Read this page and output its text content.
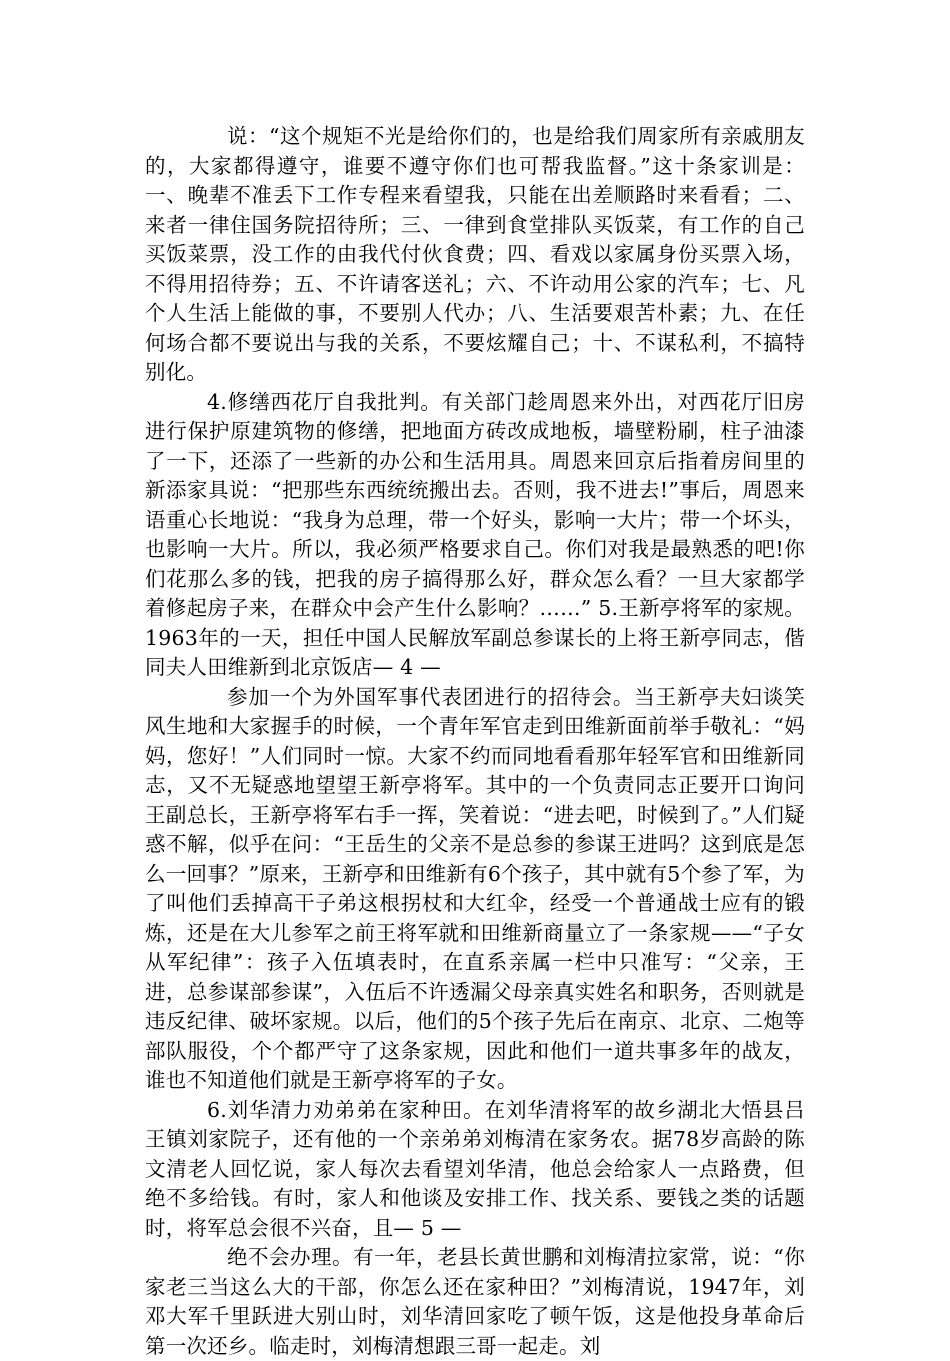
说：“这个规矩不光是给你们的，也是给我们周家所有亲戚朋友的，大家都得遵守，谁要不遵守你们也可帮我监督。”这十条家训是：一、晚辈不准丢下工作专程来看望我，只能在出差顺路时来看看；二、来者一律住国务院招待所；三、一律到食堂排队买饭菜，有工作的自己买饭菜票，没工作的由我代付伙食费；四、看戏以家属身份买票入场，不得用招待券；五、不许请客送礼；六、不许动用公家的汽车；七、凡个人生活上能做的事，不要别人代办；八、生活要艰苦朴素；九、在任何场合都不要说出与我的关系，不要炫耀自己；十、不谋私利，不搞特别化。

4.修缮西花厅自我批判。有关部门趁周恩来外出，对西花厅旧房进行保护原建筑物的修缮，把地面方砖改成地板，墙壁粉刷，柱子油漆了一下，还添了一些新的办公和生活用具。周恩来回京后指着房间里的新添家具说：“把那些东西统统搬出去。否则，我不进去!”事后，周恩来语重心长地说：“我身为总理，带一个好头，影响一大片；带一个坏头，也影响一大片。所以，我必须严格要求自己。你们对我是最熟悉的吧!你们花那么多的钱，把我的房子搞得那么好，群众怎么看？一旦大家都学着修起房子来，在群众中会产生什么影响？……” 5.王新亭将军的家规。1963年的一天，担任中国人民解放军副总参谋长的上将王新亭同志，偕同夫人田维新到北京饭店— 4 —

参加一个为外国军事代表团进行的招待会。当王新亭夫妇谈笑风生地和大家握手的时候，一个青年军官走到田维新面前举手敬礼：“妈妈，您好！”人们同时一惊。大家不约而同地看看那年轻军官和田维新同志，又不无疑惑地望望王新亭将军。其中的一个负责同志正要开口询问王副总长，王新亭将军右手一挥，笑着说：“进去吧，时候到了。”人们疑惑不解，似乎在问：“王岳生的父亲不是总参的参谋王进吗？这到底是怎么一回事？”原来，王新亭和田维新有6个孩子，其中就有5个参了军，为了叫他们丢掉高干子弟这根拐杖和大红伞，经受一个普通战士应有的锻炼，还是在大儿参军之前王将军就和田维新商量立了一条家规——“子女从军纪律”：孩子入伍填表时，在直系亲属一栏中只准写：“父亲，王进，总参谋部参谋”，入伍后不许透漏父母亲真实姓名和职务，否则就是违反纪律、破坏家规。以后，他们的5个孩子先后在南京、北京、二炮等部队服役，个个都严守了这条家规，因此和他们一道共事多年的战友，谁也不知道他们就是王新亭将军的子女。

6.刘华清力劝弟弟在家种田。在刘华清将军的故乡湖北大悟县吕王镇刘家院子，还有他的一个亲弟弟刘梅清在家务农。据78岁高龄的陈文清老人回忆说，家人每次去看望刘华清，他总会给家人一点路费，但绝不多给钱。有时，家人和他谈及安排工作、找关系、要钱之类的话题时，将军总会很不兴奋，且— 5 —

绝不会办理。有一年，老县长黄世鹏和刘梅清拉家常，说：“你家老三当这么大的干部，你怎么还在家种田？”刘梅清说，1947年，刘邓大军千里跃进大别山时，刘华清回家吃了顿午饭，这是他投身革命后第一次还乡。临走时，刘梅清想跟三哥一起走。刘
